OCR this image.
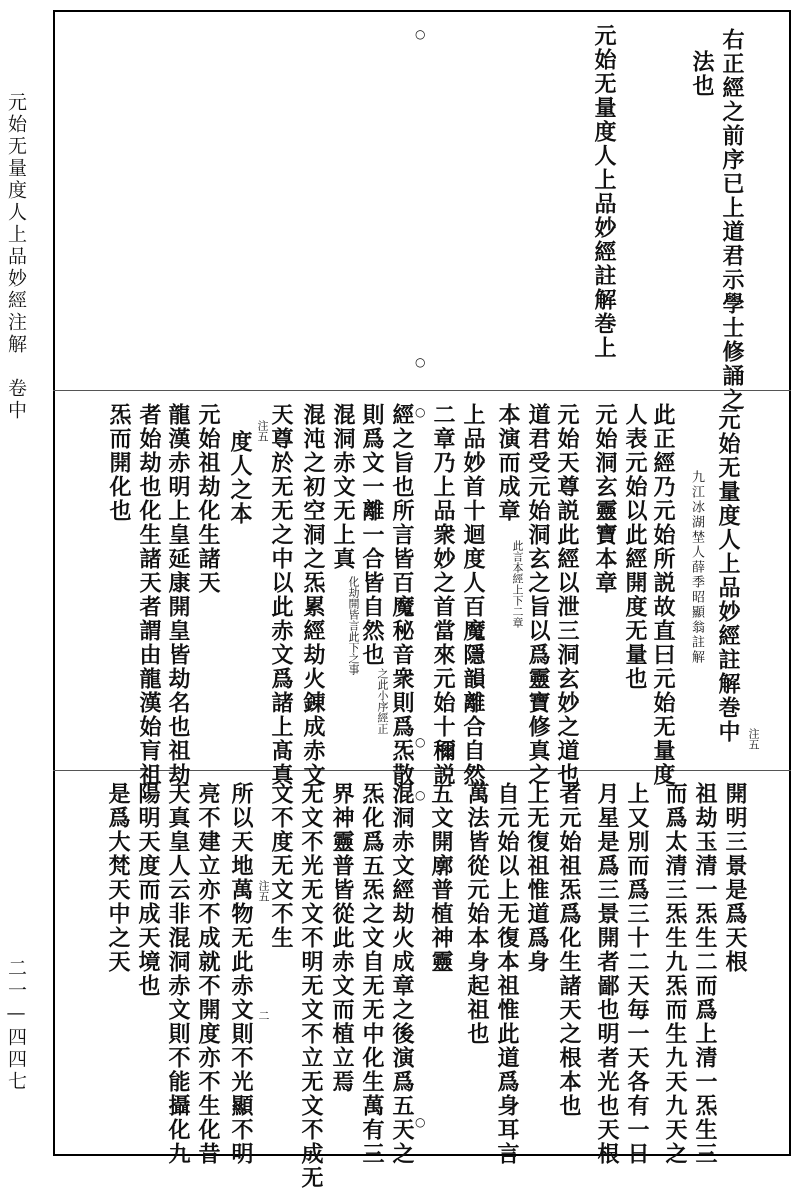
元始无量度人上品妙經注解　卷中
二一—四四七
○
○
○
○
○
○
右正經之前序已上道君示學士修誦之
法也
元始无量度人上品妙經註解巻上
元始无量度人上品妙經註解巻中 注五
九江冰湖埜人薛季昭顯翁註解
此正經乃元始所説故直曰元始无量度
人表元始以此經開度无量也
元始洞玄靈寶本章
元始天尊説此經以泄三洞玄妙之道也
道君受元始洞玄之旨以爲靈寶修真之
本演而成章
此言本經上下二章
上品妙首十迴度人百魔隱韻離合自然
二章乃上品衆妙之首當來元始十穪説
經之旨也所言皆百魔秘音衆則爲炁散
則爲文一離一合皆自然也
之此小序經正
混洞赤文无上真
化劫開皆言此下之事
混沌之初空洞之炁累經劫火錬成赤文
天尊於无无之中以此赤文爲諸上髙真
度人之本 注五
元始祖劫化生諸天
龍漢赤明上皇延康開皇皆劫名也祖劫
者始劫也化生諸天者謂由龍漢始肓祖
炁而開化也
開明三景是爲天根
祖劫玉清一炁生二而爲上清一炁生三
而爲太清三炁生九炁而生九天九天之
上又別而爲三十二天毎一天各有一日
月星是爲三景開者鄙也明者光也天根
者元始祖炁爲化生諸天之根本也
上无復祖惟道爲身
自元始以上无復本祖惟此道爲身耳言
萬法皆從元始本身起祖也
五文開廓普植神靈
混洞赤文經劫火成章之後演爲五天之
炁化爲五炁之文自无无中化生萬有三
界神靈普皆從此赤文而植立焉
无文不光无文不明无文不立无文不成无
文不度无文不生
注五
所以天地萬物无此赤文則不光顯不明 二
亮不建立亦不成就不開度亦不生化昔
天真皇人云非混洞赤文則不能攝化九
陽明天度而成天境也
是爲大梵天中之天
